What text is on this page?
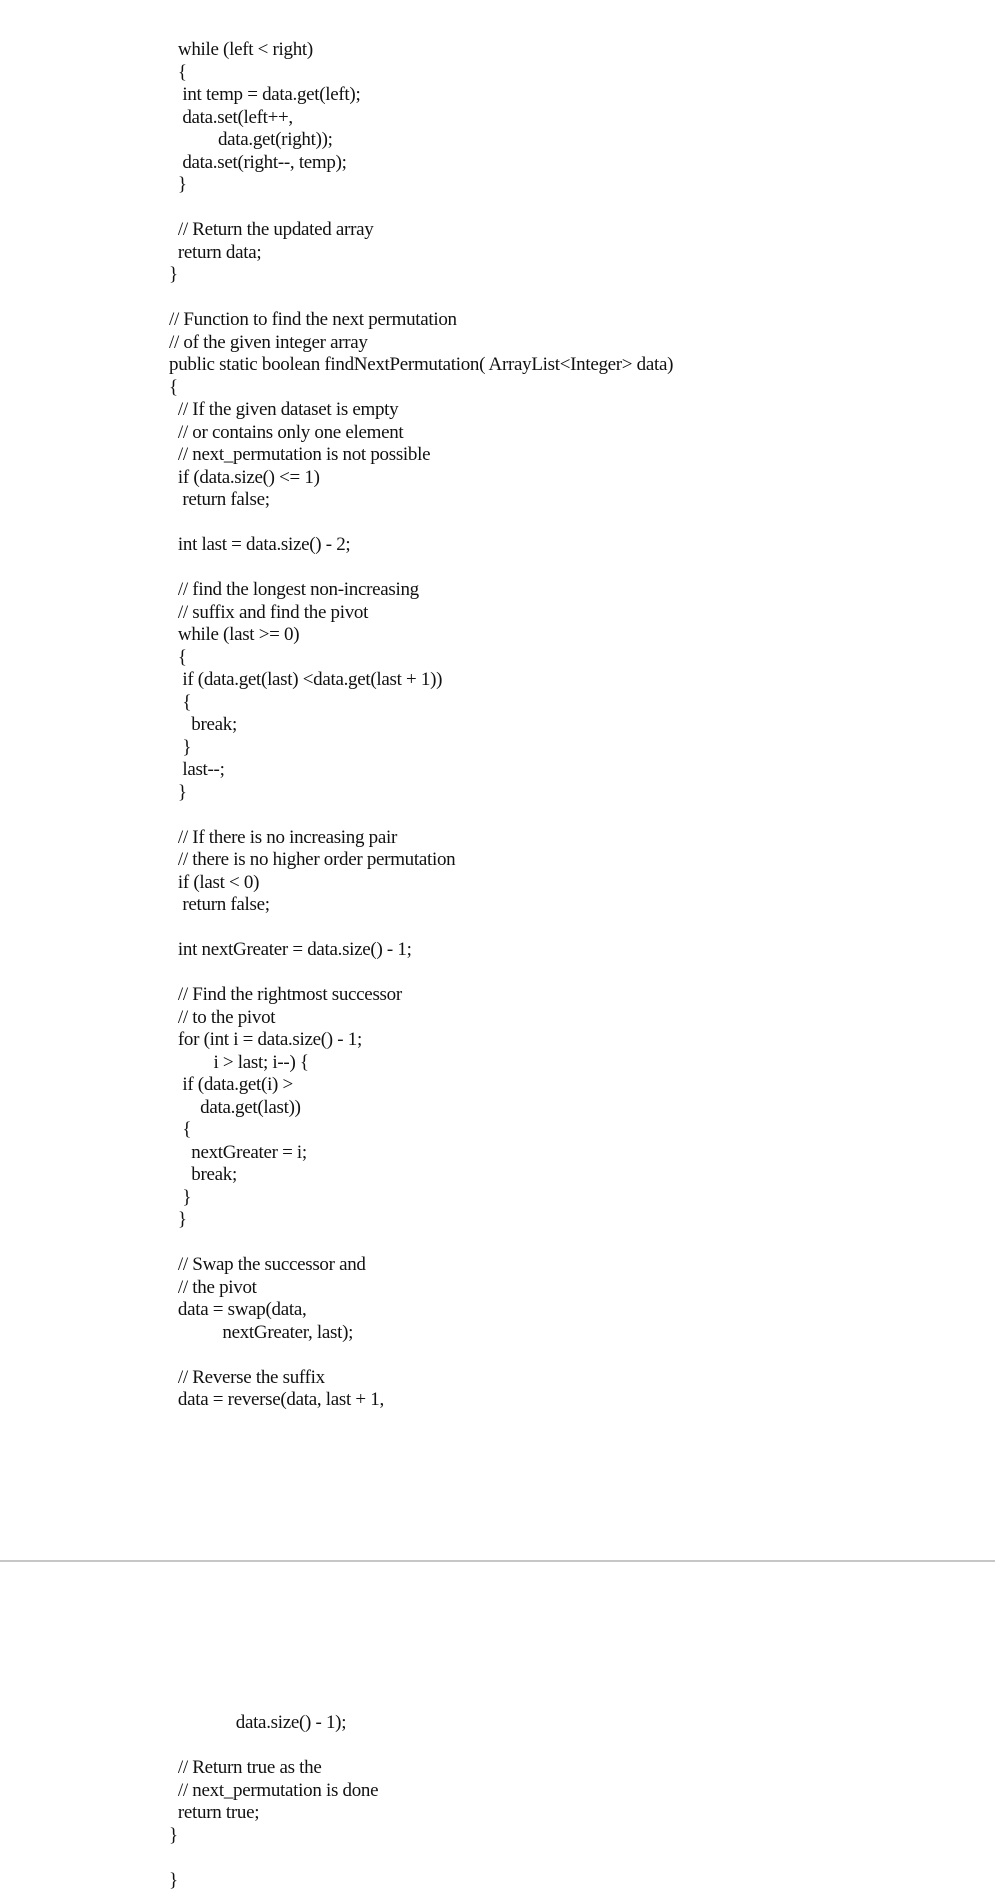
while (left < right)
{
int temp = data.get(left);
data.set(left++,
data.get(right));
data.set(right--, temp);
}
// Return the updated array
return data;
}
// Function to find the next permutation
// of the given integer array
public static boolean findNextPermutation( ArrayList<Integer> data)
{
// If the given dataset is empty
// or contains only one element
// next_permutation is not possible
if (data.size() <= 1)
return false;
int last = data.size() - 2;
// find the longest non-increasing
// suffix and find the pivot
while (last >= 0)
{
if (data.get(last) <data.get(last + 1))
{
break;
}
last--;
}
// If there is no increasing pair
// there is no higher order permutation
if (last < 0)
return false;
int nextGreater = data.size() - 1;
// Find the rightmost successor
// to the pivot
for (int i = data.size() - 1;
i > last; i--) {
if (data.get(i) >
data.get(last))
{
nextGreater = i;
break;
}
}
// Swap the successor and
// the pivot
data = swap(data,
nextGreater, last);
// Reverse the suffix
data = reverse(data, last + 1,
data.size() - 1);
// Return true as the
// next_permutation is done
return true;
}
}
